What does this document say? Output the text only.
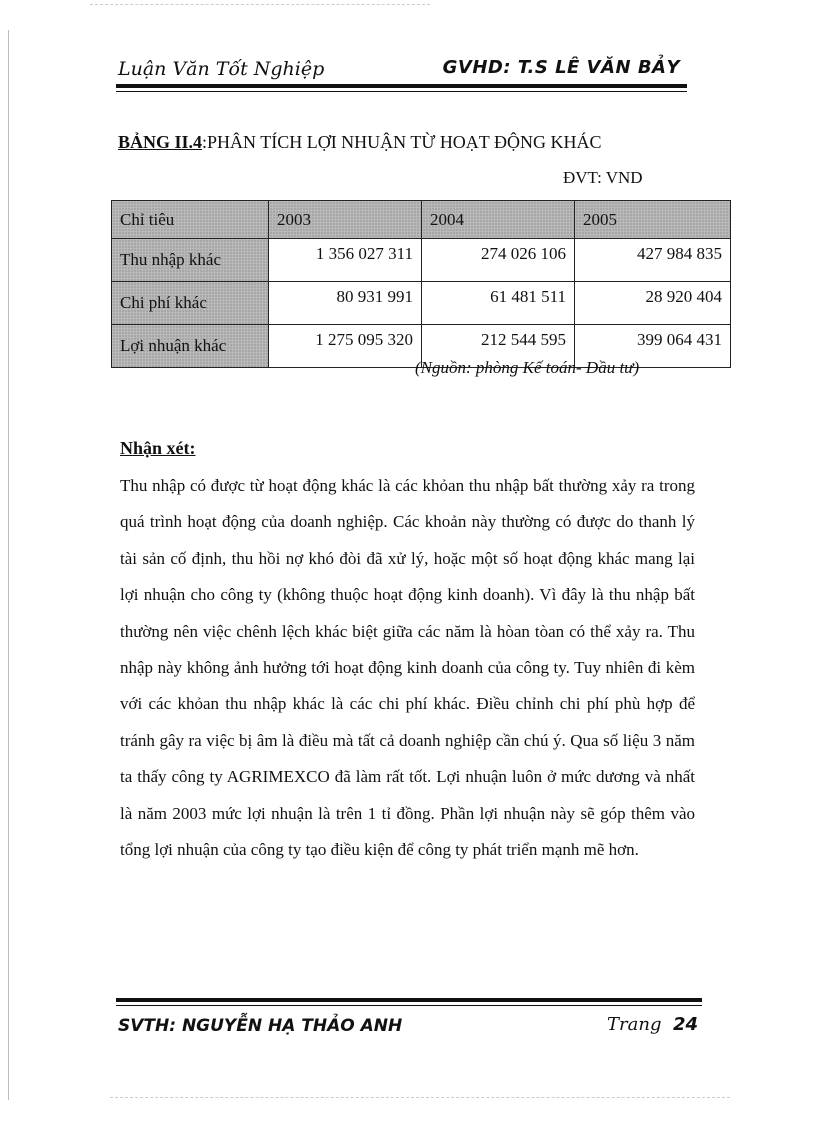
Luận Văn Tốt Nghiệp	GVHD: T.S LÊ VĂN BẢY
BẢNG II.4:PHÂN TÍCH LỢI NHUẬN TỪ HOẠT ĐỘNG KHÁC
ĐVT: VND
Chỉ tiêu	2003	2004	2005
Thu nhập khác	1 356 027 311	274 026 106	427 984 835
Chi phí khác	80 931 991	61 481 511	28 920 404
Lợi nhuận khác	1 275 095 320	212 544 595	399 064 431
(Nguồn: phòng Kế toán- Đầu tư)
Nhận xét:
Thu nhập có được từ hoạt động khác là các khỏan thu nhập bất thường xảy ra trong quá trình hoạt động của doanh nghiệp. Các khoản này thường có được do thanh lý tài sản cố định, thu hồi nợ khó đòi đã xử lý, hoặc một số hoạt động khác mang lại lợi nhuận cho công ty (không thuộc hoạt động kinh doanh). Vì đây là thu nhập bất thường nên việc chênh lệch khác biệt giữa các năm là hòan tòan có thể xảy ra. Thu nhập này không ảnh hưởng tới hoạt động kinh doanh của công ty. Tuy nhiên đi kèm với các khỏan thu nhập khác là các chi phí khác. Điều chỉnh chi phí phù hợp để tránh gây ra việc bị âm là điều mà tất cả doanh nghiệp cần chú ý. Qua số liệu 3 năm ta thấy công ty AGRIMEXCO đã làm rất tốt. Lợi nhuận luôn ở mức dương và nhất là năm 2003 mức lợi nhuận là trên 1 tỉ đồng. Phần lợi nhuận này sẽ góp thêm vào tổng lợi nhuận của công ty tạo điều kiện để công ty phát triển mạnh mẽ hơn.
SVTH: NGUYỄN HẠ THẢO ANH	Trang 24
